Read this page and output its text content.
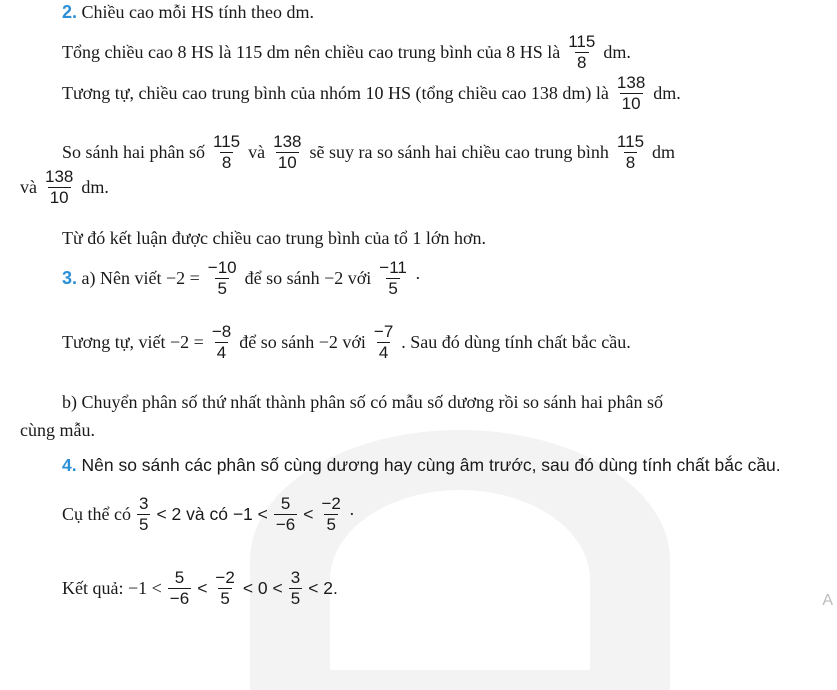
2.
Chiều cao mỗi HS tính theo dm.
Tổng chiều cao 8 HS là 115 dm nên chiều cao trung bình của 8 HS là $\frac{115}{8}$ dm.
Tương tự, chiều cao trung bình của nhóm 10 HS (tổng chiều cao 138 dm) là $\frac{138}{10}$ dm.
So sánh hai phân số $\frac{115}{8}$ và $\frac{138}{10}$ sẽ suy ra so sánh hai chiều cao trung bình $\frac{115}{8}$ dm
và $\frac{138}{10}$ dm.
Từ đó kết luận được chiều cao trung bình của tổ 1 lớn hơn.
3.
a) Nên viết $-2 = \frac{-10}{5}$ để so sánh −2 với $\frac{-11}{5}$ ·
Tương tự, viết $-2 = \frac{-8}{4}$ để so sánh −2 với $\frac{-7}{4}$ . Sau đó dùng tính chất bắc cầu.
b) Chuyển phân số thứ nhất thành phân số có mẫu số dương rồi so sánh hai phân số
cùng mẫu.
4.
Nên so sánh các phân số cùng dương hay cùng âm trước, sau đó dùng tính chất bắc cầu.
Cụ thể có $\frac{3}{5} < 2$ và có $-1 < \frac{5}{-6} < \frac{-2}{5}$ ·
Kết quả: $-1 < \frac{5}{-6} < \frac{-2}{5} < 0 < \frac{3}{5} < 2$.
A
